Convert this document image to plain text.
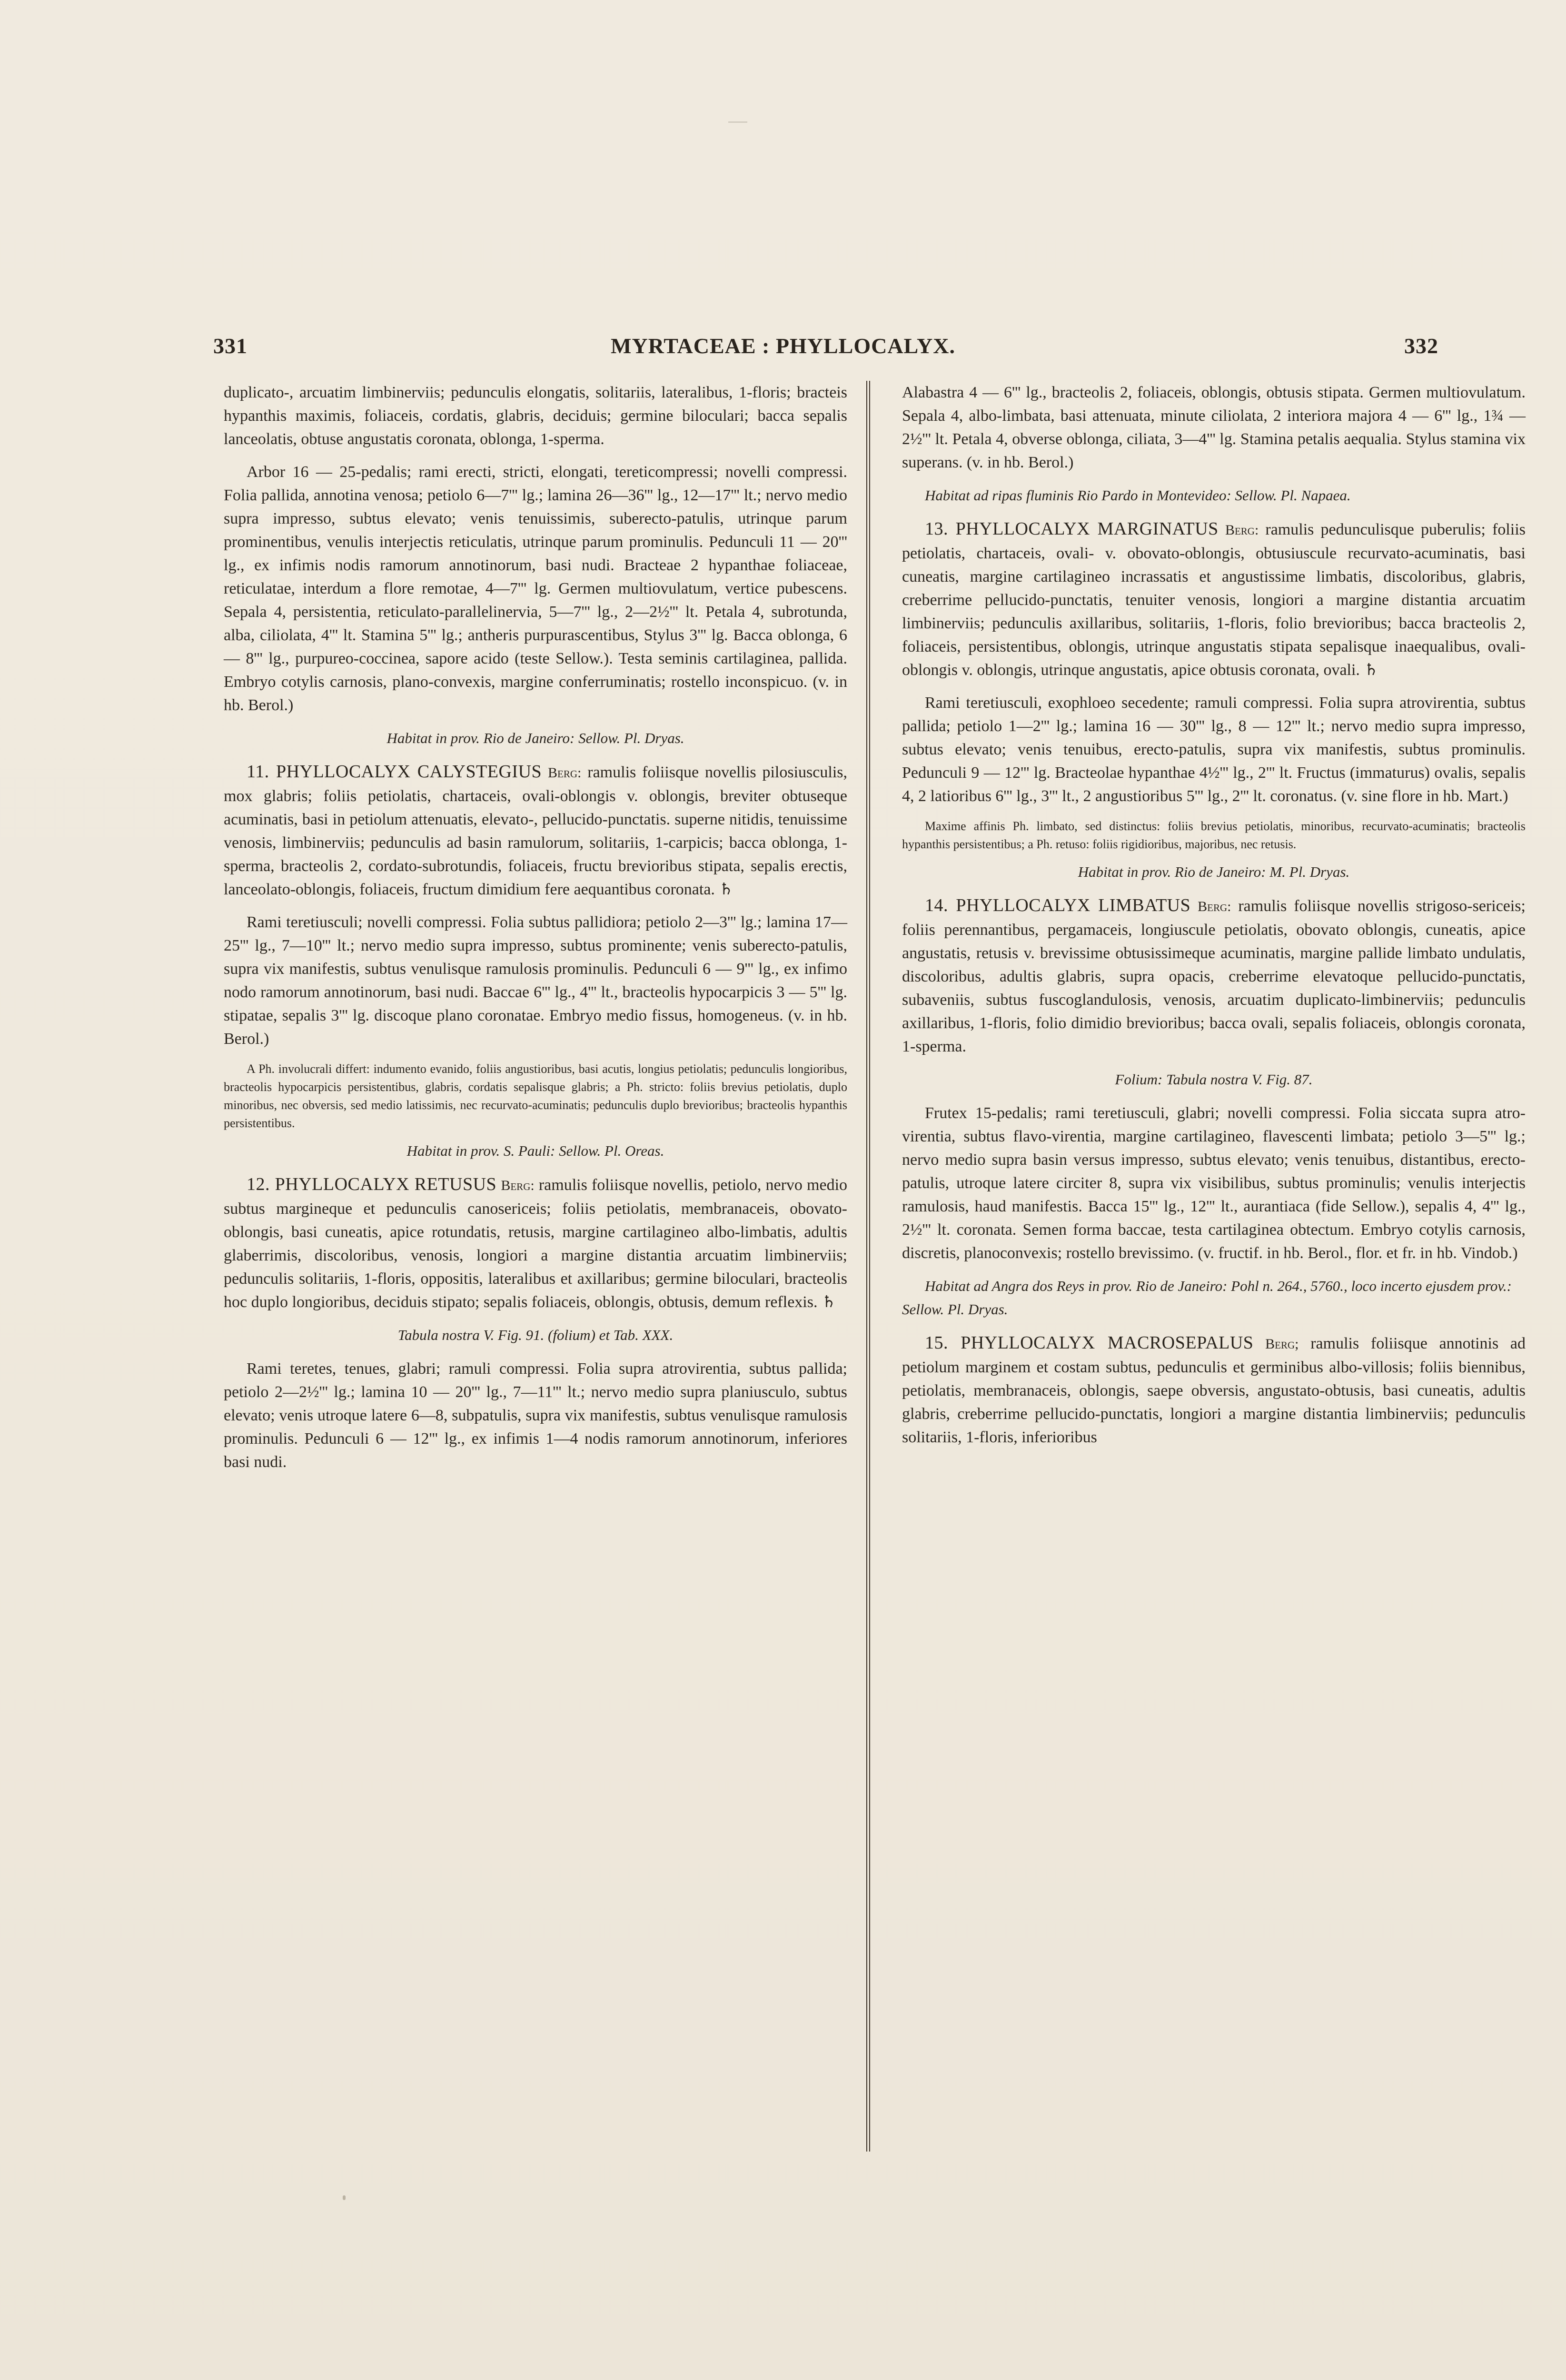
331	MYRTACEAE : PHYLLOCALYX.	332

duplicato-, arcuatim limbinerviis; pedunculis elongatis, solitariis, lateralibus, 1-floris; bracteis hypanthis maximis, foliaceis, cordatis, glabris, deciduis; germine biloculari; bacca sepalis lanceolatis, obtuse angustatis coronata, oblonga, 1-sperma.

Arbor 16 — 25-pedalis; rami erecti, stricti, elongati, tereticompressi; novelli compressi. Folia pallida, annotina venosa; petiolo 6—7''' lg.; lamina 26—36''' lg., 12—17''' lt.; nervo medio supra impresso, subtus elevato; venis tenuissimis, suberecto-patulis, utrinque parum prominentibus, venulis interjectis reticulatis, utrinque parum prominulis. Pedunculi 11 — 20''' lg., ex infimis nodis ramorum annotinorum, basi nudi. Bracteae 2 hypanthae foliaceae, reticulatae, interdum a flore remotae, 4—7''' lg. Germen multiovulatum, vertice pubescens. Sepala 4, persistentia, reticulato-parallelinervia, 5—7''' lg., 2—2½''' lt. Petala 4, subrotunda, alba, ciliolata, 4''' lt. Stamina 5''' lg.; antheris purpurascentibus, Stylus 3''' lg. Bacca oblonga, 6 — 8''' lg., purpureo-coccinea, sapore acido (teste Sellow.). Testa seminis cartilaginea, pallida. Embryo cotylis carnosis, plano-convexis, margine conferruminatis; rostello inconspicuo. (v. in hb. Berol.)

Habitat in prov. Rio de Janeiro: Sellow. Pl. Dryas.

11. PHYLLOCALYX CALYSTEGIUS Berg: ramulis foliisque novellis pilosiusculis, mox glabris; foliis petiolatis, chartaceis, ovali-oblongis v. oblongis, breviter obtuseque acuminatis, basi in petiolum attenuatis, elevato-, pellucido-punctatis. superne nitidis, tenuissime venosis, limbinerviis; pedunculis ad basin ramulorum, solitariis, 1-carpicis; bacca oblonga, 1-sperma, bracteolis 2, cordato-subrotundis, foliaceis, fructu brevioribus stipata, sepalis erectis, lanceolato-oblongis, foliaceis, fructum dimidium fere aequantibus coronata. ♄

Rami teretiusculi; novelli compressi. Folia subtus pallidiora; petiolo 2—3''' lg.; lamina 17—25''' lg., 7—10''' lt.; nervo medio supra impresso, subtus prominente; venis suberecto-patulis, supra vix manifestis, subtus venulisque ramulosis prominulis. Pedunculi 6 — 9''' lg., ex infimo nodo ramorum annotinorum, basi nudi. Baccae 6''' lg., 4''' lt., bracteolis hypocarpicis 3 — 5''' lg. stipatae, sepalis 3''' lg. discoque plano coronatae. Embryo medio fissus, homogeneus. (v. in hb. Berol.)

A Ph. involucrali differt: indumento evanido, foliis angustioribus, basi acutis, longius petiolatis; pedunculis longioribus, bracteolis hypocarpicis persistentibus, glabris, cordatis sepalisque glabris; a Ph. stricto: foliis brevius petiolatis, duplo minoribus, nec obversis, sed medio latissimis, nec recurvato-acuminatis; pedunculis duplo brevioribus; bracteolis hypanthis persistentibus.

Habitat in prov. S. Pauli: Sellow. Pl. Oreas.

12. PHYLLOCALYX RETUSUS Berg: ramulis foliisque novellis, petiolo, nervo medio subtus margineque et pedunculis canosericeis; foliis petiolatis, membranaceis, obovato-oblongis, basi cuneatis, apice rotundatis, retusis, margine cartilagineo albo-limbatis, adultis glaberrimis, discoloribus, venosis, longiori a margine distantia arcuatim limbinerviis; pedunculis solitariis, 1-floris, oppositis, lateralibus et axillaribus; germine biloculari, bracteolis hoc duplo longioribus, deciduis stipato; sepalis foliaceis, oblongis, obtusis, demum reflexis. ♄

Tabula nostra V. Fig. 91. (folium) et Tab. XXX.

Rami teretes, tenues, glabri; ramuli compressi. Folia supra atrovirentia, subtus pallida; petiolo 2—2½''' lg.; lamina 10 — 20''' lg., 7—11''' lt.; nervo medio supra planiusculo, subtus elevato; venis utroque latere 6—8, subpatulis, supra vix manifestis, subtus venulisque ramulosis prominulis. Pedunculi 6 — 12''' lg., ex infimis 1—4 nodis ramorum annotinorum, inferiores basi nudi.

Alabastra 4 — 6''' lg., bracteolis 2, foliaceis, oblongis, obtusis stipata. Germen multiovulatum. Sepala 4, albo-limbata, basi attenuata, minute ciliolata, 2 interiora majora 4 — 6''' lg., 1¾ — 2½''' lt. Petala 4, obverse oblonga, ciliata, 3—4''' lg. Stamina petalis aequalia. Stylus stamina vix superans. (v. in hb. Berol.)

Habitat ad ripas fluminis Rio Pardo in Montevideo: Sellow. Pl. Napaea.

13. PHYLLOCALYX MARGINATUS Berg: ramulis pedunculisque puberulis; foliis petiolatis, chartaceis, ovali- v. obovato-oblongis, obtusiuscule recurvato-acuminatis, basi cuneatis, margine cartilagineo incrassatis et angustissime limbatis, discoloribus, glabris, creberrime pellucido-punctatis, tenuiter venosis, longiori a margine distantia arcuatim limbinerviis; pedunculis axillaribus, solitariis, 1-floris, folio brevioribus; bacca bracteolis 2, foliaceis, persistentibus, oblongis, utrinque angustatis stipata sepalisque inaequalibus, ovali-oblongis v. oblongis, utrinque angustatis, apice obtusis coronata, ovali. ♄

Rami teretiusculi, exophloeo secedente; ramuli compressi. Folia supra atrovirentia, subtus pallida; petiolo 1—2''' lg.; lamina 16 — 30''' lg., 8 — 12''' lt.; nervo medio supra impresso, subtus elevato; venis tenuibus, erecto-patulis, supra vix manifestis, subtus prominulis. Pedunculi 9 — 12''' lg. Bracteolae hypanthae 4½''' lg., 2''' lt. Fructus (immaturus) ovalis, sepalis 4, 2 latioribus 6''' lg., 3''' lt., 2 angustioribus 5''' lg., 2''' lt. coronatus. (v. sine flore in hb. Mart.)

Maxime affinis Ph. limbato, sed distinctus: foliis brevius petiolatis, minoribus, recurvato-acuminatis; bracteolis hypanthis persistentibus; a Ph. retuso: foliis rigidioribus, majoribus, nec retusis.

Habitat in prov. Rio de Janeiro: M. Pl. Dryas.

14. PHYLLOCALYX LIMBATUS Berg: ramulis foliisque novellis strigoso-sericeis; foliis perennantibus, pergamaceis, longiuscule petiolatis, obovato oblongis, cuneatis, apice angustatis, retusis v. brevissime obtusissimeque acuminatis, margine pallide limbato undulatis, discoloribus, adultis glabris, supra opacis, creberrime elevatoque pellucido-punctatis, subaveniis, subtus fuscoglandulosis, venosis, arcuatim duplicato-limbinerviis; pedunculis axillaribus, 1-floris, folio dimidio brevioribus; bacca ovali, sepalis foliaceis, oblongis coronata, 1-sperma.

Folium: Tabula nostra V. Fig. 87.

Frutex 15-pedalis; rami teretiusculi, glabri; novelli compressi. Folia siccata supra atro-virentia, subtus flavo-virentia, margine cartilagineo, flavescenti limbata; petiolo 3—5''' lg.; nervo medio supra basin versus impresso, subtus elevato; venis tenuibus, distantibus, erecto-patulis, utroque latere circiter 8, supra vix visibilibus, subtus prominulis; venulis interjectis ramulosis, haud manifestis. Bacca 15''' lg., 12''' lt., aurantiaca (fide Sellow.), sepalis 4, 4''' lg., 2½''' lt. coronata. Semen forma baccae, testa cartilaginea obtectum. Embryo cotylis carnosis, discretis, planoconvexis; rostello brevissimo. (v. fructif. in hb. Berol., flor. et fr. in hb. Vindob.)

Habitat ad Angra dos Reys in prov. Rio de Janeiro: Pohl n. 264., 5760., loco incerto ejusdem prov.: Sellow. Pl. Dryas.

15. PHYLLOCALYX MACROSEPALUS Berg; ramulis foliisque annotinis ad petiolum marginem et costam subtus, pedunculis et germinibus albo-villosis; foliis biennibus, petiolatis, membranaceis, oblongis, saepe obversis, angustato-obtusis, basi cuneatis, adultis glabris, creberrime pellucido-punctatis, longiori a margine distantia limbinerviis; pedunculis solitariis, 1-floris, inferioribus
